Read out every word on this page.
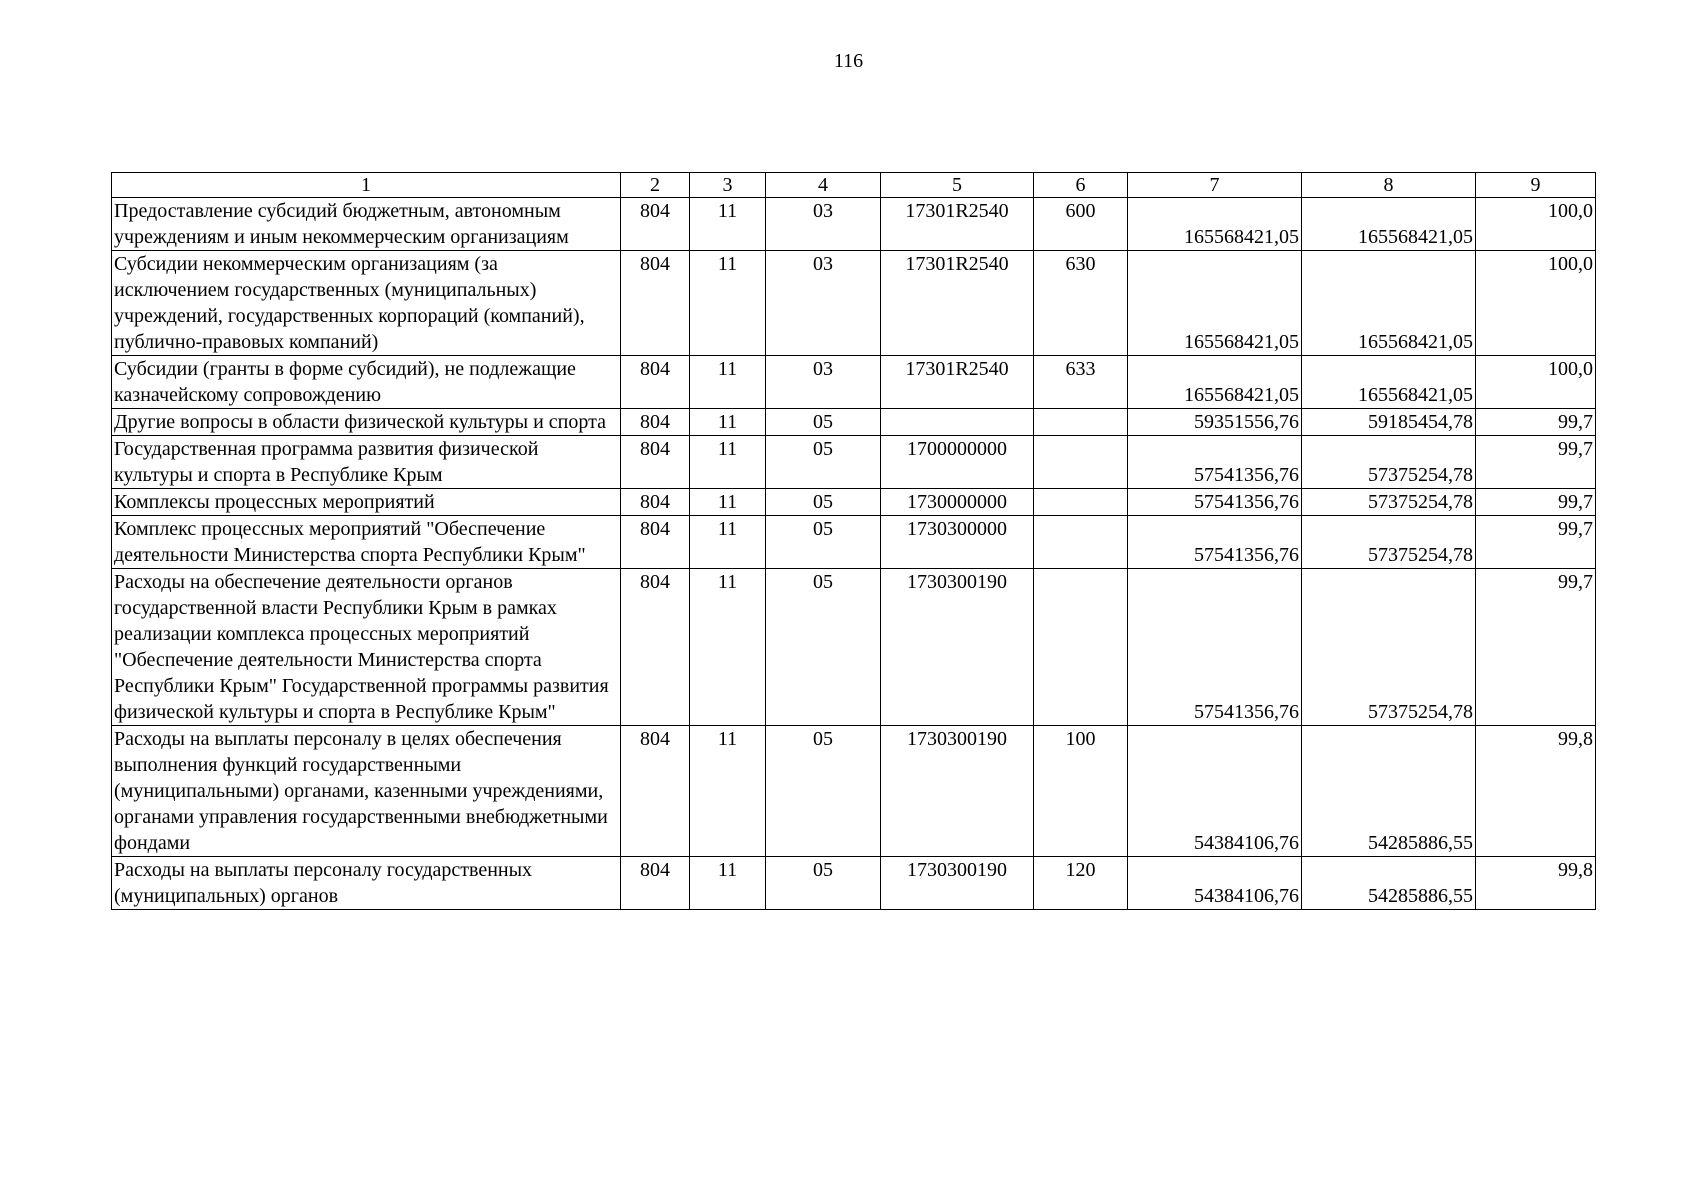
116
1	2	3	4	5	6	7	8	9
Предоставление субсидий бюджетным, автономным учреждениям и иным некоммерческим организациям	804	11	03	17301R2540	600	165568421,05	165568421,05	100,0
Субсидии некоммерческим организациям (за исключением государственных (муниципальных) учреждений, государственных корпораций (компаний), публично-правовых компаний)	804	11	03	17301R2540	630	165568421,05	165568421,05	100,0
Субсидии (гранты в форме субсидий), не подлежащие казначейскому сопровождению	804	11	03	17301R2540	633	165568421,05	165568421,05	100,0
Другие вопросы в области физической культуры и спорта	804	11	05			59351556,76	59185454,78	99,7
Государственная программа развития физической культуры и спорта в Республике Крым	804	11	05	1700000000		57541356,76	57375254,78	99,7
Комплексы процессных мероприятий	804	11	05	1730000000		57541356,76	57375254,78	99,7
Комплекс процессных мероприятий "Обеспечение деятельности Министерства спорта Республики Крым"	804	11	05	1730300000		57541356,76	57375254,78	99,7
Расходы на обеспечение деятельности органов государственной власти Республики Крым в рамках реализации комплекса процессных мероприятий "Обеспечение деятельности Министерства спорта Республики Крым" Государственной программы развития физической культуры и спорта в Республике Крым"	804	11	05	1730300190		57541356,76	57375254,78	99,7
Расходы на выплаты персоналу в целях обеспечения выполнения функций государственными (муниципальными) органами, казенными учреждениями, органами управления государственными внебюджетными фондами	804	11	05	1730300190	100	54384106,76	54285886,55	99,8
Расходы на выплаты персоналу государственных (муниципальных) органов	804	11	05	1730300190	120	54384106,76	54285886,55	99,8
